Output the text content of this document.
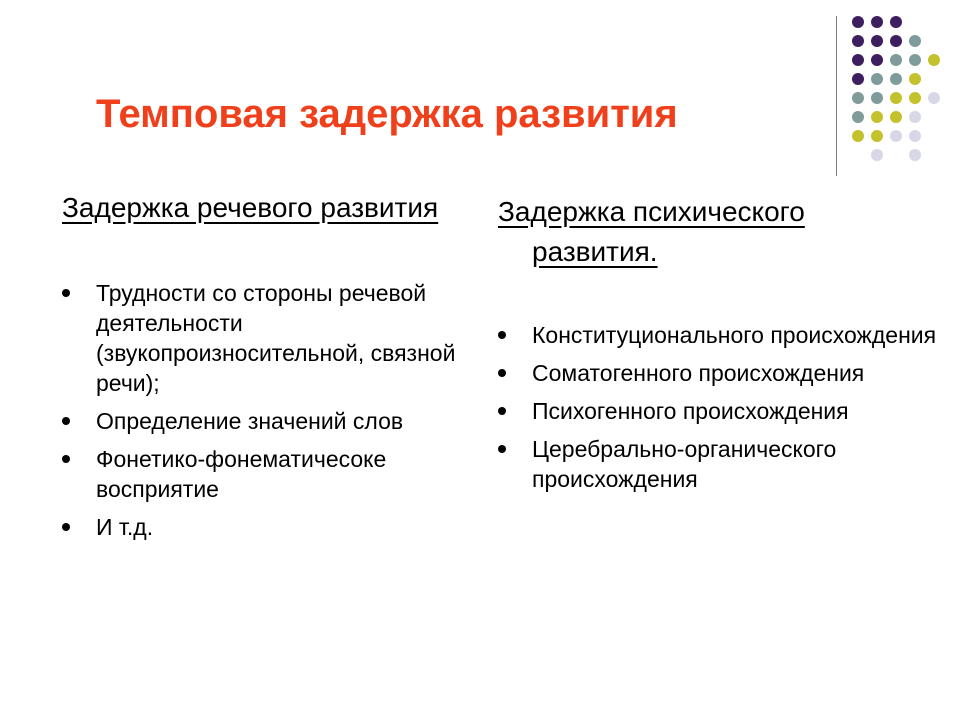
Темповая задержка развития

Задержка речевого развития

Трудности со стороны речевой деятельности (звукопроизносительной, связной речи);
Определение значений слов
Фонетико-фонематичесоке восприятие
И т.д.

Задержка психического развития.

Конституционального происхождения
Соматогенного происхождения
Психогенного происхождения
Церебрально-органического происхождения
